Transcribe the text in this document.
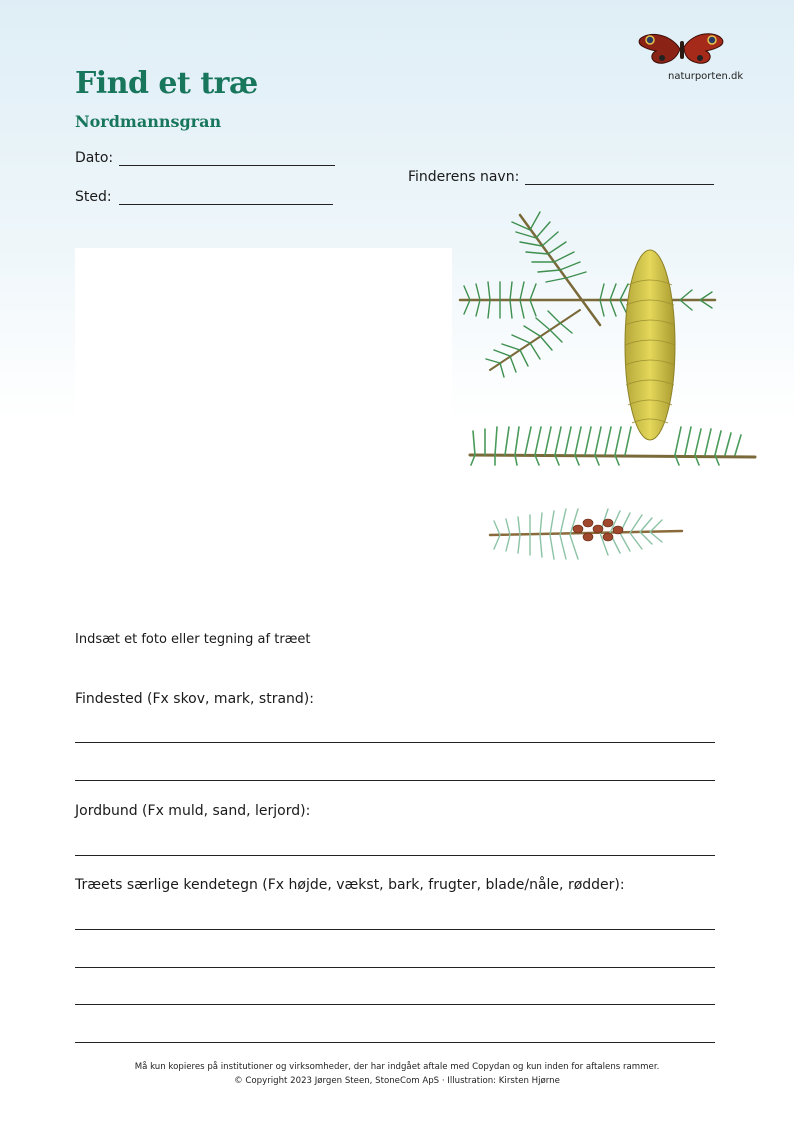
naturporten.dk
Find et træ
Nordmannsgran
Dato:
Sted:
Finderens navn:
Indsæt et foto eller tegning af træet
Findested (Fx skov, mark, strand):
Jordbund (Fx muld, sand, lerjord):
Træets særlige kendetegn (Fx højde, vækst, bark, frugter, blade/nåle, rødder):
Må kun kopieres på institutioner og virksomheder, der har indgået aftale med Copydan og kun inden for aftalens rammer.
© Copyright 2023 Jørgen Steen, StoneCom ApS · Illustration: Kirsten Hjørne
